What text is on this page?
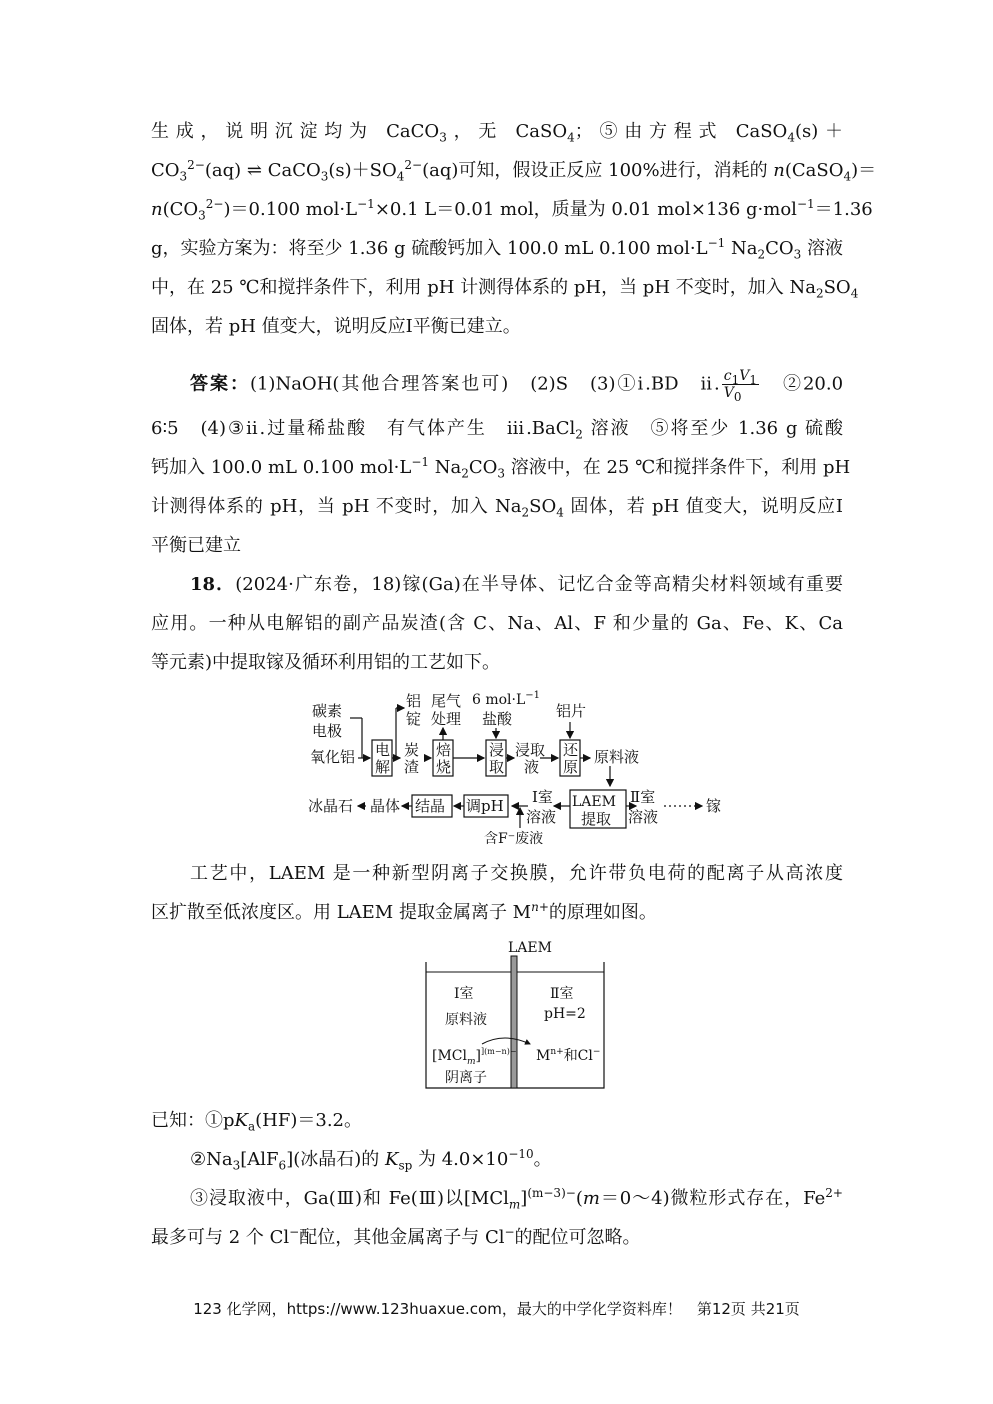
生成，说明沉淀均为 CaCO$_3$，无 CaSO$_4$；⑤由方程式 CaSO$_4$(s)＋
$CO_3^{2-}(aq)$ ⇌ $CaCO_3(s)+SO_4^{2-}(aq)$可知，假设正反应 100%进行，消耗的 n(CaSO$_4$)＝
$n(CO_3^{2-})=0.100$ $mol\cdot L^{-1}\times 0.1$ L＝0.01 mol，质量为 0.01 mol×136 g·mol$^{-1}$＝1.36
g，实验方案为：将至少 1.36 g 硫酸钙加入 100.0 mL 0.100 $mol\cdot L^{-1}$ $Na_2CO_3$ 溶液
中，在 25 ℃和搅拌条件下，利用 pH 计测得体系的 pH，当 pH 不变时，加入 $Na_2SO_4$
固体，若 pH 值变大，说明反应Ⅰ平衡已建立。
答案：(1)NaOH(其他合理答案也可)　(2)S　(3)①ⅰ.BD　ⅱ. $\frac{c_1V_1}{V_0}$ 　②20.0
6∶5　(4)③ⅱ.过量稀盐酸　有气体产生　ⅲ.BaCl$_2$ 溶液　⑤将至少 1.36 g 硫酸
钙加入 100.0 mL 0.100 $mol\cdot L^{-1}$ $Na_2CO_3$ 溶液中，在 25 ℃和搅拌条件下，利用 pH
计测得体系的 pH，当 pH 不变时，加入 $Na_2SO_4$ 固体，若 pH 值变大，说明反应Ⅰ
平衡已建立
18．(2024·广东卷，18)镓(Ga)在半导体、记忆合金等高精尖材料领域有重要
应用。一种从电解铝的副产品炭渣(含 C、Na、Al、F 和少量的 Ga、Fe、K、Ca
等元素)中提取镓及循环利用铝的工艺如下。
碳素
电极
氧化铝 电
解
炭
渣
焙
烧
浸
取
浸取
液
还
原
铝
锭
尾气
处理
6 $mol\cdot L^{-1}$
盐酸	铝片
原料液
LAEM
提取
Ⅰ室
溶液
Ⅱ室
溶液
镓
调pH
结晶
晶体
冰晶石
含F⁻废液
工艺中，LAEM 是一种新型阴离子交换膜，允许带负电荷的配离子从高浓度
区扩散至低浓度区。用 LAEM 提取金属离子 $M^{n+}$的原理如图。
LAEM
Ⅰ室
原料液
$[MCl_m]^{](m-n)-}$
阴离子
Ⅱ室
pH=2
$M^{n+}$和Cl−
已知：$①pK_a(HF)=3.2$。
$②Na_3[AlF_6]$(冰晶石)的 $K_{sp}$ 为 $4.0\times 10^{-10}$。
③浸取液中，Ga(Ⅲ)和 Fe(Ⅲ)以$[MCl_m]^{(m-3)-}(m=0\sim 4)$微粒形式存在，$Fe^{2+}$
最多可与 2 个 Cl−配位，其他金属离子与 Cl−的配位可忽略。
123 化学网，https://www.123huaxue.com，最大的中学化学资料库！　第12页 共21页
